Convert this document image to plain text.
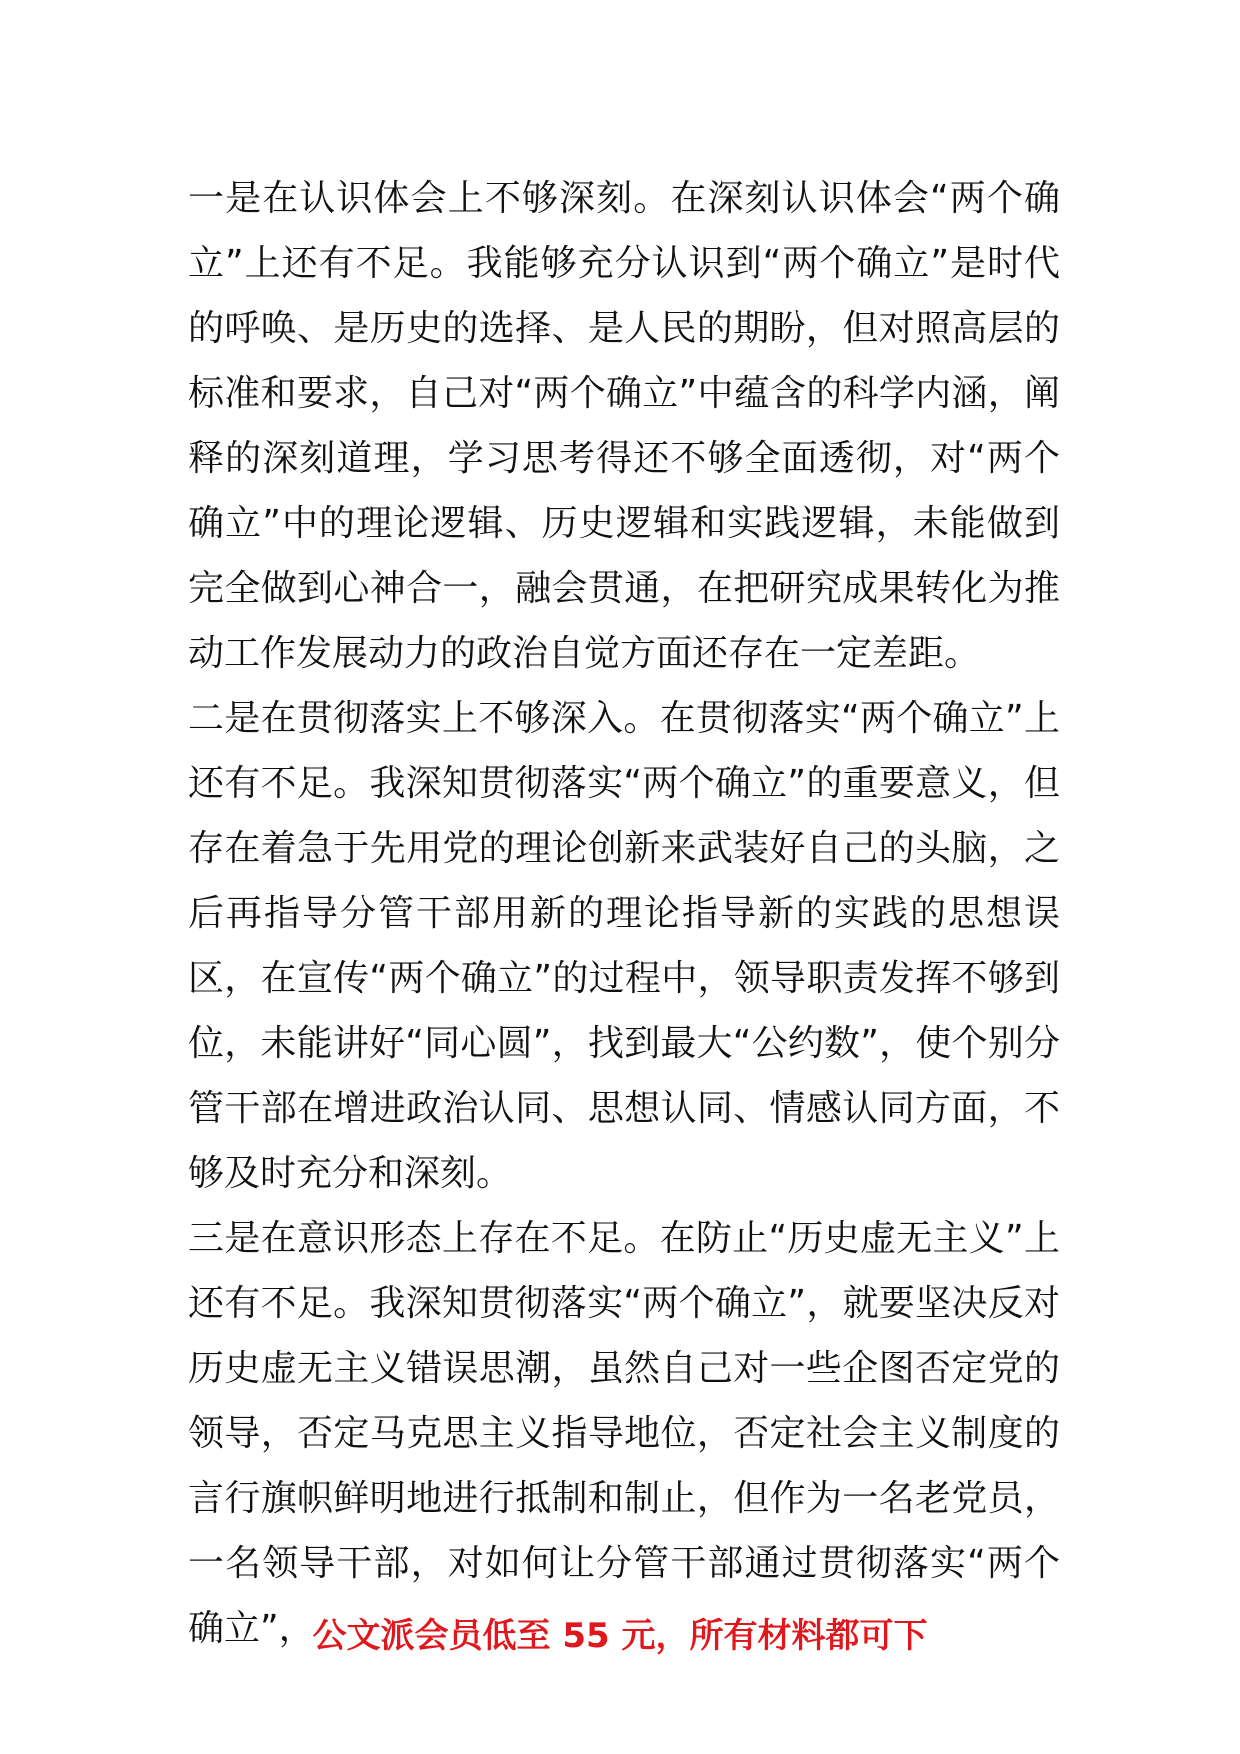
一是在认识体会上不够深刻。在深刻认识体会“两个确立”上还有不足。我能够充分认识到“两个确立”是时代的呼唤、是历史的选择、是人民的期盼，但对照高层的标准和要求，自己对“两个确立”中蕴含的科学内涵，阐释的深刻道理，学习思考得还不够全面透彻，对“两个确立”中的理论逻辑、历史逻辑和实践逻辑，未能做到完全做到心神合一，融会贯通，在把研究成果转化为推动工作发展动力的政治自觉方面还存在一定差距。

二是在贯彻落实上不够深入。在贯彻落实“两个确立”上还有不足。我深知贯彻落实“两个确立”的重要意义，但存在着急于先用党的理论创新来武装好自己的头脑，之后再指导分管干部用新的理论指导新的实践的思想误区，在宣传“两个确立”的过程中，领导职责发挥不够到位，未能讲好“同心圆”，找到最大“公约数”，使个别分管干部在增进政治认同、思想认同、情感认同方面，不够及时充分和深刻。

三是在意识形态上存在不足。在防止“历史虚无主义”上还有不足。我深知贯彻落实“两个确立”，就要坚决反对历史虚无主义错误思潮，虽然自己对一些企图否定党的领导，否定马克思主义指导地位，否定社会主义制度的言行旗帜鲜明地进行抵制和制止，但作为一名老党员，一名领导干部，对如何让分管干部通过贯彻落实“两个确立”，

公文派会员低至 55 元，所有材料都可下
